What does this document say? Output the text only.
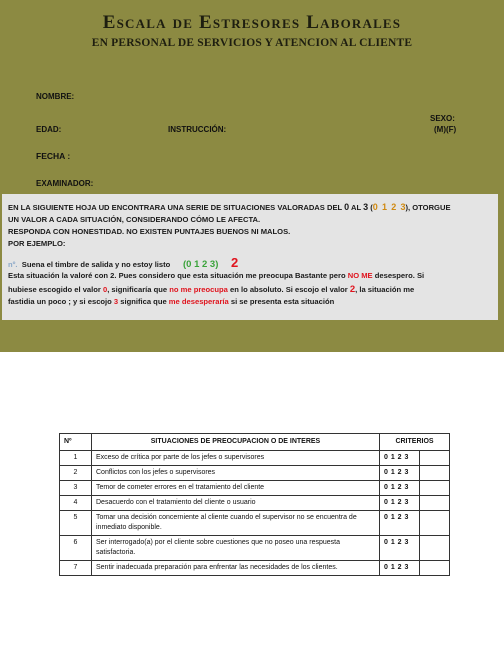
Escala de Estresores Laborales
EN PERSONAL DE SERVICIOS Y ATENCION AL CLIENTE
NOMBRE:
EDAD:	INSTRUCCIÓN:
SEXO:
(M)(F)
FECHA :
EXAMINADOR:
EN LA SIGUIENTE HOJA UD ENCONTRARA UNA SERIE DE SITUACIONES VALORADAS DEL 0 AL 3 (0 1 2 3), OTORGUE
UN VALOR A CADA SITUACIÓN, CONSIDERANDO CÓMO LE AFECTA.
RESPONDA CON HONESTIDAD. NO EXISTEN PUNTAJES BUENOS NI MALOS.
POR EJEMPLO:
nº. Suena el timbre de salida y no estoy listo (0 1 2 3) 2
Esta situación la valoré con 2. Pues considero que esta situación me preocupa Bastante pero NO ME desespero. Si
hubiese escogido el valor 0, significaría que no me preocupa en lo absoluto. Si escojo el valor 2, la situación me
fastidia un poco ; y si escojo 3 significa que me desesperaría si se presenta esta situación
Nº	SITUACIONES DE PREOCUPACION O DE INTERES	CRITERIOS	
1	Exceso de crítica por parte de los jefes o supervisores	0 1 2 3	
2	Conflictos con los jefes o supervisores	0 1 2 3	
3	Temor de cometer errores en el tratamiento del cliente	0 1 2 3	
4	Desacuerdo con el tratamiento del cliente o usuario	0 1 2 3	
5	Tomar una decisión concerniente al cliente cuando el supervisor no se encuentra de inmediato disponible.	0 1 2 3	
6	Ser interrogado(a) por el cliente sobre cuestiones que no poseo una respuesta satisfactoria.	0 1 2 3	
7	Sentir inadecuada preparación para enfrentar las necesidades de los clientes.	0 1 2 3	
